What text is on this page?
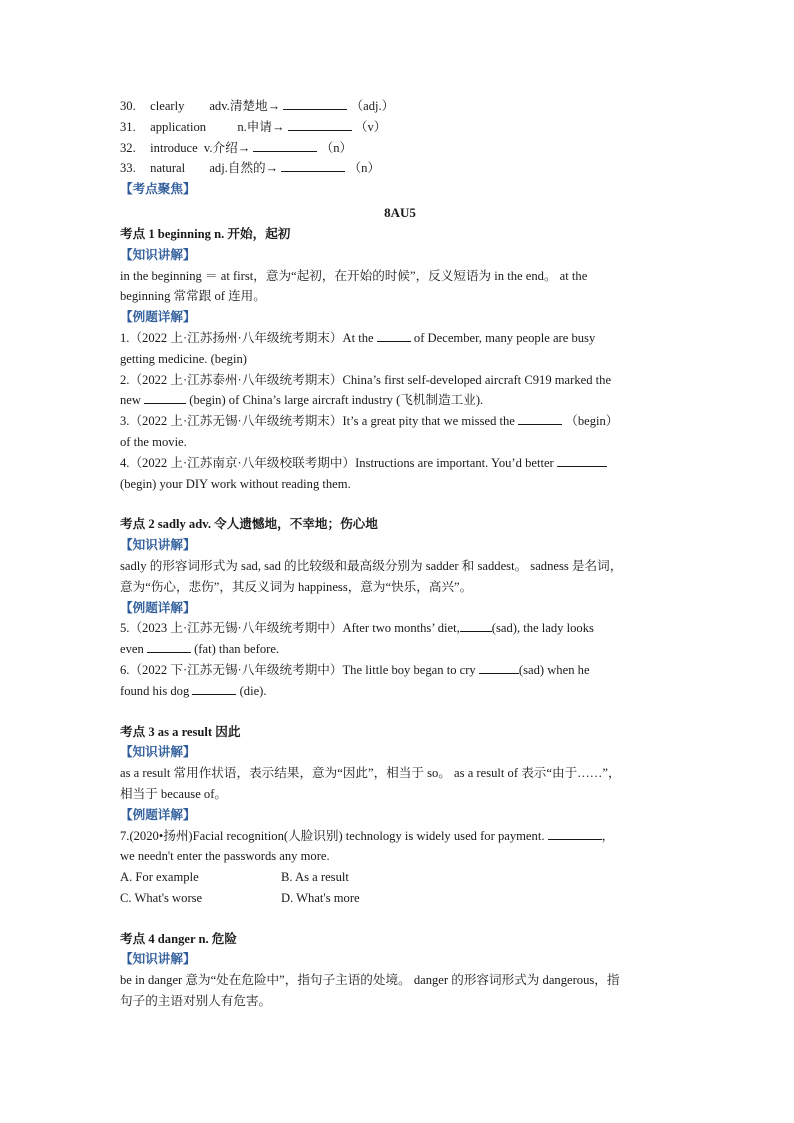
30. clearly adv.清楚地→	（adj.）
31. application n.申请→	（v）
32. introduce v.介绍→	（n）
33. natural adj.自然的→	（n）
【考点聚焦】
8AU5
考点 1 beginning n. 开始，起初
【知识讲解】
in the beginning ＝ at first，意为“起初，在开始的时候”，反义短语为 in the end。 at the
beginning 常常跟 of 连用。
【例题详解】
1.（2022 上·江苏扬州·八年级统考期末）At the	of December, many people are busy
getting medicine. (begin)
2.（2022 上·江苏泰州·八年级统考期末）China’s first self-developed aircraft C919 marked the
new	(begin) of China’s large aircraft industry (飞机制造工业).
3.（2022 上·江苏无锡·八年级统考期末）It’s a great pity that we missed the	（begin）
of the movie.
4.（2022 上·江苏南京·八年级校联考期中）Instructions are important. You’d better
(begin) your DIY work without reading them.
考点 2 sadly adv. 令人遗憾地，不幸地；伤心地
【知识讲解】
sadly 的形容词形式为 sad, sad 的比较级和最高级分别为 sadder 和 saddest。 sadness 是名词，
意为“伤心，悲伤”，其反义词为 happiness，意为“快乐，高兴”。
【例题详解】
5.（2023 上·江苏无锡·八年级统考期中）After two months’ diet,	(sad), the lady looks
even	(fat) than before.
6.（2022 下·江苏无锡·八年级统考期中）The little boy began to cry	(sad) when he
found his dog	(die).
考点 3 as a result 因此
【知识讲解】
as a result 常用作状语，表示结果，意为“因此”，相当于 so。 as a result of 表示“由于……”，
相当于 because of。
【例题详解】
7.(2020•扬州)Facial recognition(人脸识别) technology is widely used for payment.	，
we needn't enter the passwords any more.
A. For example	B. As a result
C. What's worse	D. What's more
考点 4 danger n. 危险
【知识讲解】
be in danger 意为“处在危险中”，指句子主语的处境。 danger 的形容词形式为 dangerous，指
句子的主语对别人有危害。
